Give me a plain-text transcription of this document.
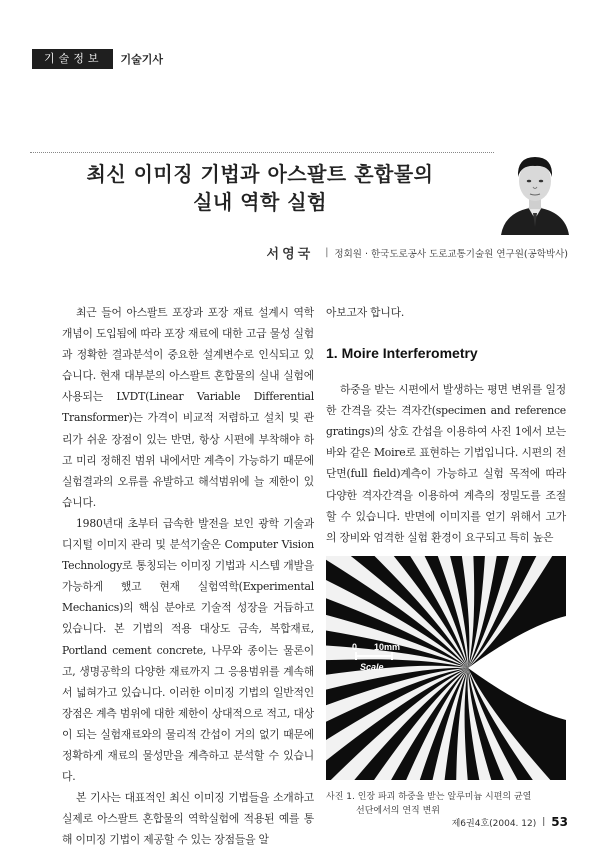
기술정보	기술기사
최신 이미징 기법과 아스팔트 혼합물의
실내 역학 실험
서영국 | 정회원 · 한국도로공사 도로교통기술원 연구원(공학박사)

최근 들어 아스팔트 포장과 포장 재료 설계시 역학 개념이 도입됨에 따라 포장 재료에 대한 고급 물성 실험과 정확한 결과분석이 중요한 설계변수로 인식되고 있습니다. 현재 대부분의 아스팔트 혼합물의 실내 실험에 사용되는 LVDT(Linear Variable Differential Transformer)는 가격이 비교적 저렴하고 설치 및 관리가 쉬운 장점이 있는 반면, 항상 시편에 부착해야 하고 미리 정해진 범위 내에서만 계측이 가능하기 때문에 실험결과의 오류를 유발하고 해석범위에 늘 제한이 있습니다.

1980년대 초부터 급속한 발전을 보인 광학 기술과 디지털 이미지 관리 및 분석기술은 Computer Vision Technology로 통칭되는 이미징 기법과 시스템 개발을 가능하게 했고 현재 실험역학(Experimental Mechanics)의 핵심 분야로 기술적 성장을 거듭하고 있습니다. 본 기법의 적용 대상도 금속, 복합재료, Portland cement concrete, 나무와 종이는 물론이고, 생명공학의 다양한 재료까지 그 응용범위를 계속해서 넓혀가고 있습니다. 이러한 이미징 기법의 일반적인 장점은 계측 범위에 대한 제한이 상대적으로 적고, 대상이 되는 실험재료와의 물리적 간섭이 거의 없기 때문에 정확하게 재료의 물성만을 계측하고 분석할 수 있습니다.

본 기사는 대표적인 최신 이미징 기법들을 소개하고 실제로 아스팔트 혼합물의 역학실험에 적용된 예를 통해 이미징 기법이 제공할 수 있는 장점들을 알

아보고자 합니다.

1. Moire Interferometry

하중을 받는 시편에서 발생하는 평면 변위를 일정한 간격을 갖는 격자간(specimen and reference gratings)의 상호 간섭을 이용하여 사진 1에서 보는 바와 같은 Moire로 표현하는 기법입니다. 시편의 전 단면(full field)계측이 가능하고 실험 목적에 따라 다양한 격자간격을 이용하여 계측의 정밀도를 조절할 수 있습니다. 반면에 이미지를 얻기 위해서 고가의 장비와 엄격한 실험 환경이 요구되고 특히 높은

0 10mm
Scale
사진 1. 인장 파괴 하중을 받는 알루미늄 시편의 균열
선단에서의 연직 변위
제6권4호(2004. 12) | 53
